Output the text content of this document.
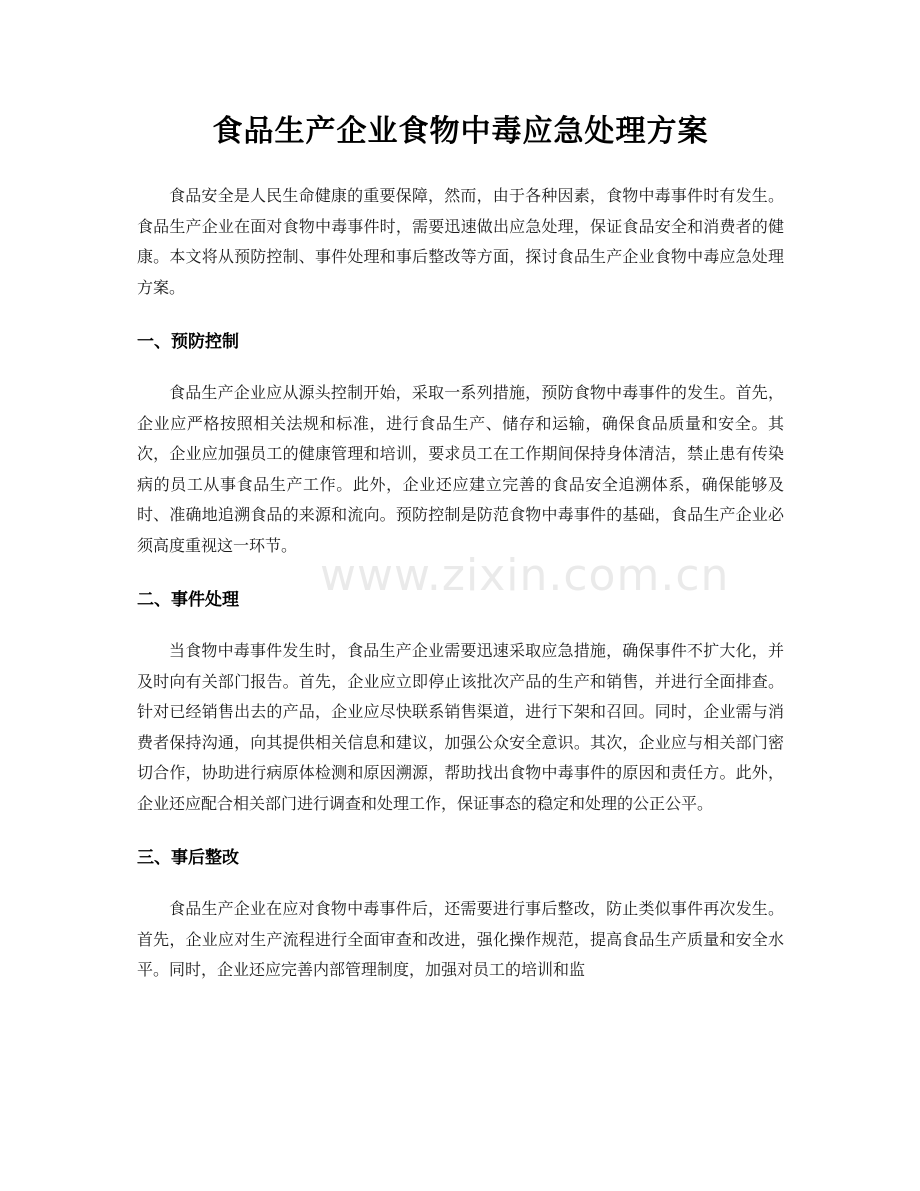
食品生产企业食物中毒应急处理方案

食品安全是人民生命健康的重要保障，然而，由于各种因素，食物中毒事件时有发生。食品生产企业在面对食物中毒事件时，需要迅速做出应急处理，保证食品安全和消费者的健康。本文将从预防控制、事件处理和事后整改等方面，探讨食品生产企业食物中毒应急处理方案。

一、预防控制

食品生产企业应从源头控制开始，采取一系列措施，预防食物中毒事件的发生。首先，企业应严格按照相关法规和标准，进行食品生产、储存和运输，确保食品质量和安全。其次，企业应加强员工的健康管理和培训，要求员工在工作期间保持身体清洁，禁止患有传染病的员工从事食品生产工作。此外，企业还应建立完善的食品安全追溯体系，确保能够及时、准确地追溯食品的来源和流向。预防控制是防范食物中毒事件的基础，食品生产企业必须高度重视这一环节。

二、事件处理

当食物中毒事件发生时，食品生产企业需要迅速采取应急措施，确保事件不扩大化，并及时向有关部门报告。首先，企业应立即停止该批次产品的生产和销售，并进行全面排查。针对已经销售出去的产品，企业应尽快联系销售渠道，进行下架和召回。同时，企业需与消费者保持沟通，向其提供相关信息和建议，加强公众安全意识。其次，企业应与相关部门密切合作，协助进行病原体检测和原因溯源，帮助找出食物中毒事件的原因和责任方。此外，企业还应配合相关部门进行调查和处理工作，保证事态的稳定和处理的公正公平。

三、事后整改

食品生产企业在应对食物中毒事件后，还需要进行事后整改，防止类似事件再次发生。首先，企业应对生产流程进行全面审查和改进，强化操作规范，提高食品生产质量和安全水平。同时，企业还应完善内部管理制度，加强对员工的培训和监

www.zixin.com.cn
